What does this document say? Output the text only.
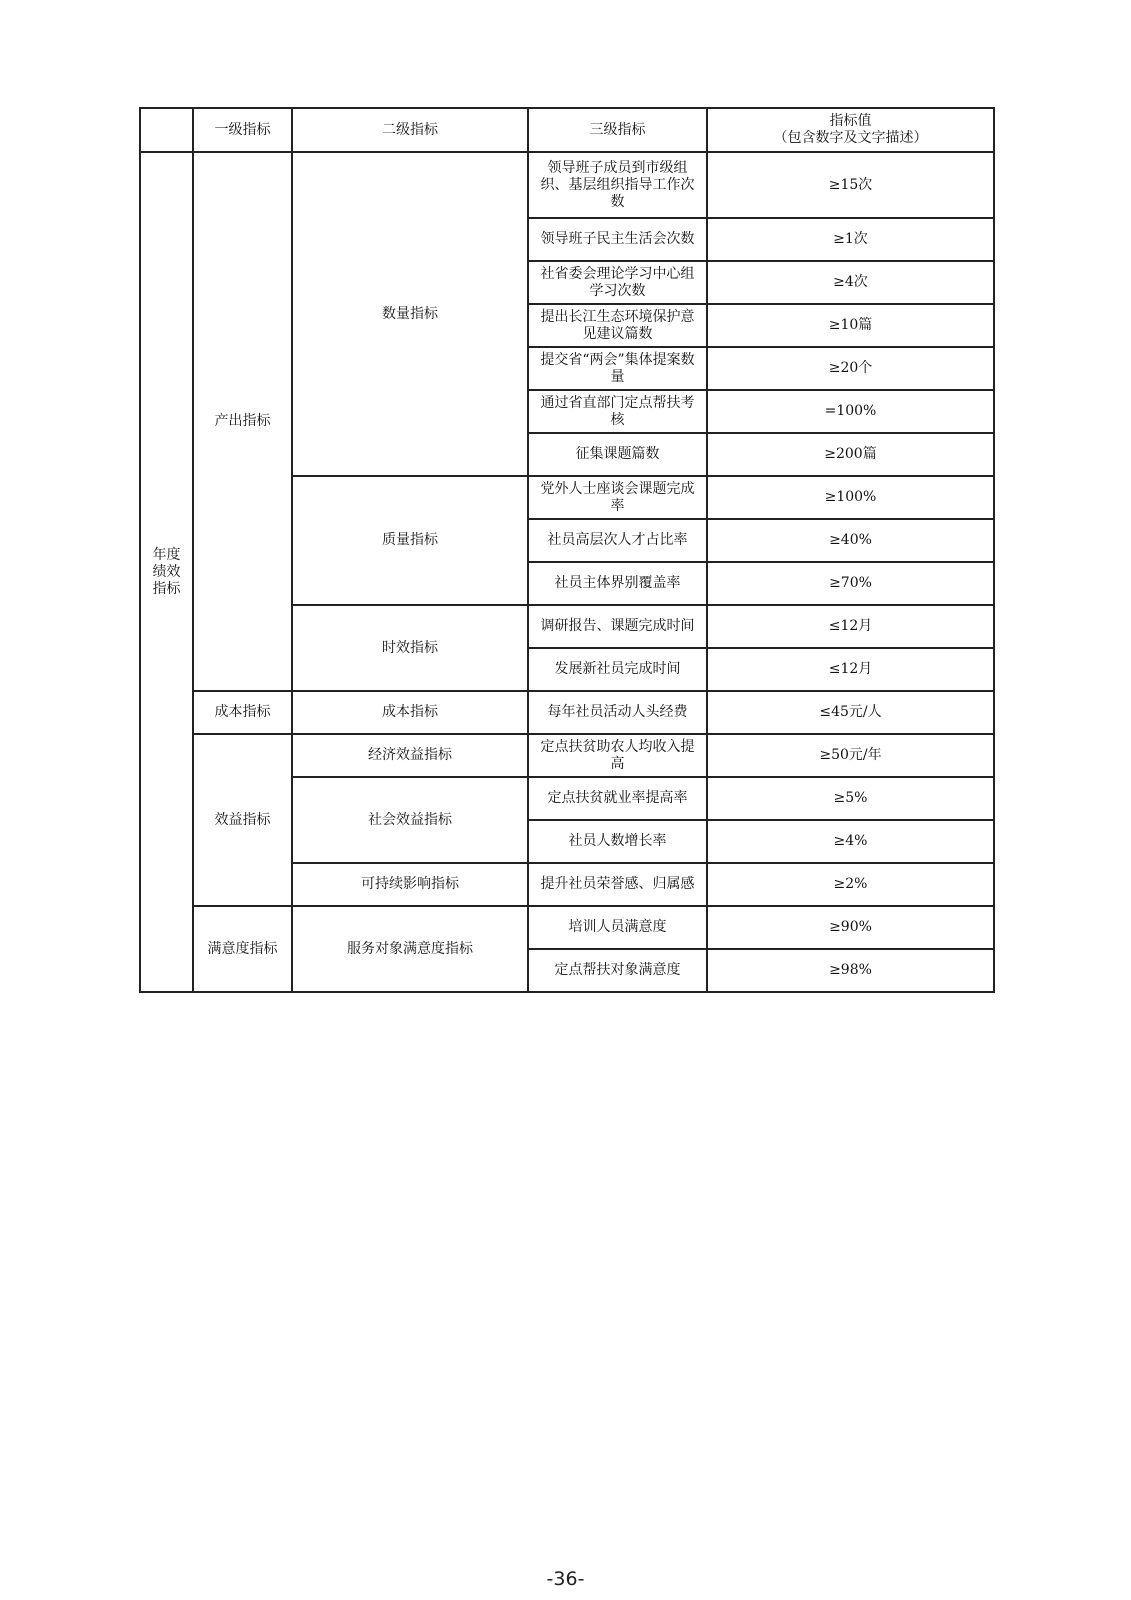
	一级指标	二级指标	三级指标	指标值
（包含数字及文字描述）

年度绩效指标	产出指标	数量指标	领导班子成员到市级组织、基层组织指导工作次数	≥15次
			领导班子民主生活会次数	≥1次
			社省委会理论学习中心组学习次数	≥4次
			提出长江生态环境保护意见建议篇数	≥10篇
			提交省“两会”集体提案数量	≥20个
			通过省直部门定点帮扶考核	=100%
			征集课题篇数	≥200篇
		质量指标	党外人士座谈会课题完成率	≥100%
			社员高层次人才占比率	≥40%
			社员主体界别覆盖率	≥70%
		时效指标	调研报告、课题完成时间	≤12月
			发展新社员完成时间	≤12月
	成本指标	成本指标	每年社员活动人头经费	≤45元/人
	效益指标	经济效益指标	定点扶贫助农人均收入提高	≥50元/年
		社会效益指标	定点扶贫就业率提高率	≥5%
			社员人数增长率	≥4%
		可持续影响指标	提升社员荣誉感、归属感	≥2%
	满意度指标	服务对象满意度指标	培训人员满意度	≥90%
			定点帮扶对象满意度	≥98%
-36-
